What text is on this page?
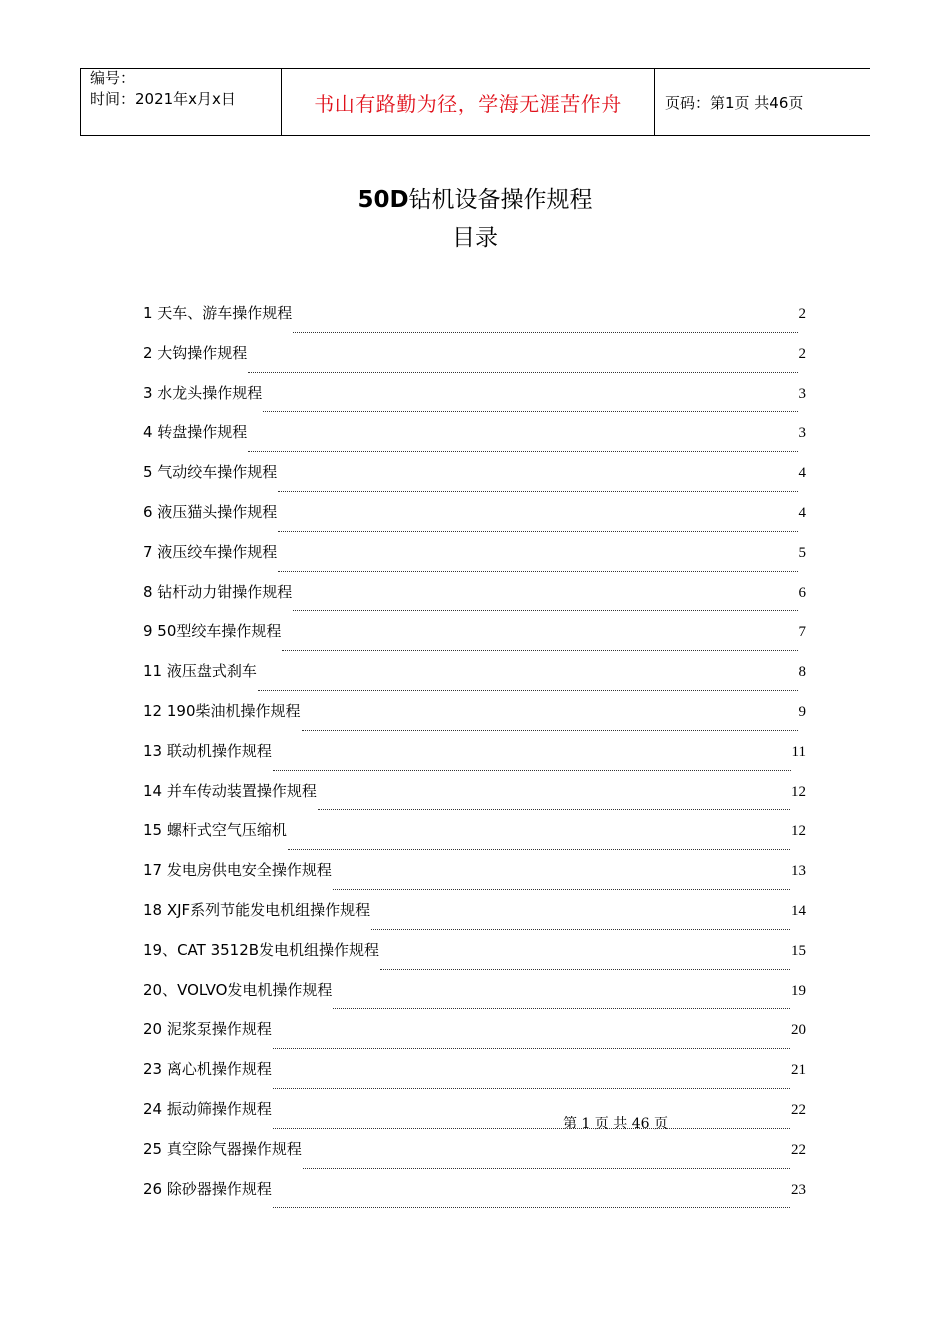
编号：
时间：2021年x月x日	书山有路勤为径，学海无涯苦作舟	页码：第1页 共46页
50D钻机设备操作规程
目录
1 天车、游车操作规程	2
2 大钩操作规程	2
3 水龙头操作规程	3
4 转盘操作规程	3
5 气动绞车操作规程	4
6 液压猫头操作规程	4
7 液压绞车操作规程	5
8 钻杆动力钳操作规程	6
9 50型绞车操作规程	7
11 液压盘式刹车	8
12 190柴油机操作规程	9
13 联动机操作规程	11
14 并车传动装置操作规程	12
15 螺杆式空气压缩机	12
17 发电房供电安全操作规程	13
18 XJF系列节能发电机组操作规程	14
19、CAT 3512B发电机组操作规程	15
20、VOLVO发电机操作规程	19
20 泥浆泵操作规程	20
23 离心机操作规程	21
24 振动筛操作规程	22
25 真空除气器操作规程	22
26 除砂器操作规程	23
第 1 页 共 46 页
